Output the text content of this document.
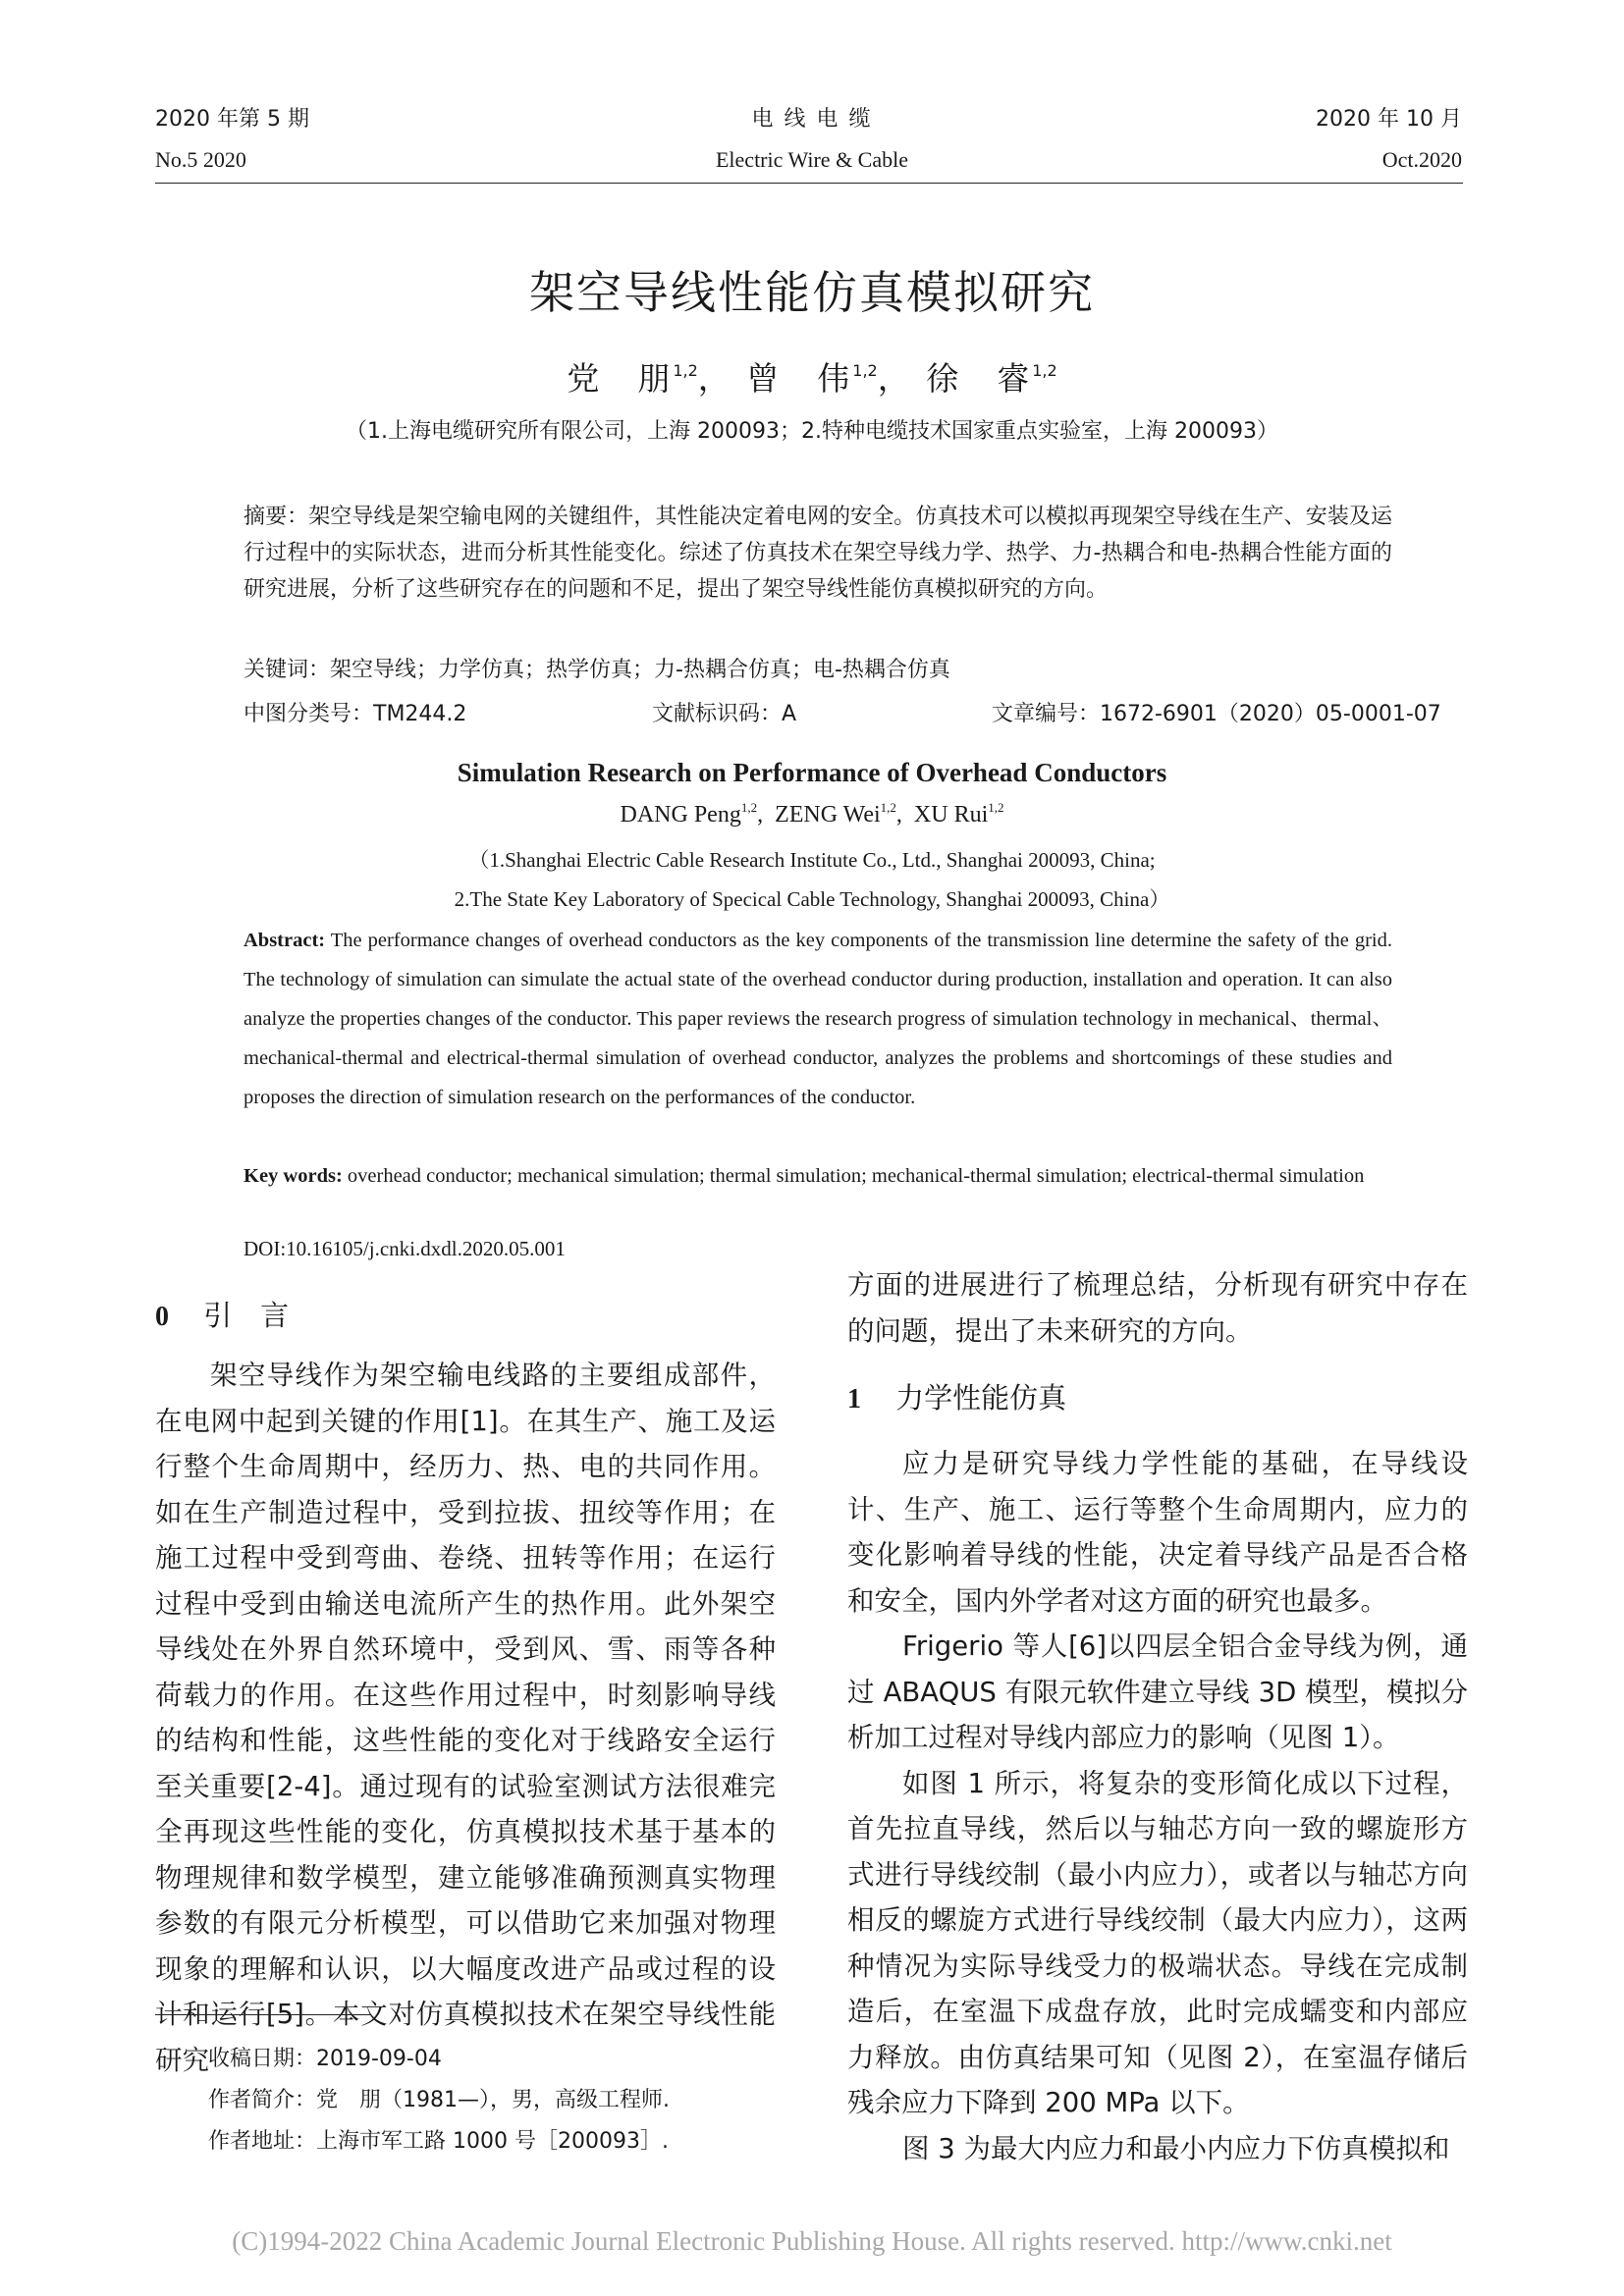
2020 年第 5 期
No.5 2020
电 线 电 缆
Electric Wire & Cable
2020 年 10 月
Oct.2020
架空导线性能仿真模拟研究
党　朋$^{1,2}$， 曾　伟$^{1,2}$， 徐　睿$^{1,2}$
（1.上海电缆研究所有限公司，上海 200093；2.特种电缆技术国家重点实验室，上海 200093）
摘要：架空导线是架空输电网的关键组件，其性能决定着电网的安全。仿真技术可以模拟再现架空导线在生产、安装及运行过程中的实际状态，进而分析其性能变化。综述了仿真技术在架空导线力学、热学、力-热耦合和电-热耦合性能方面的研究进展，分析了这些研究存在的问题和不足，提出了架空导线性能仿真模拟研究的方向。
关键词：架空导线；力学仿真；热学仿真；力-热耦合仿真；电-热耦合仿真
中图分类号：TM244.2	文献标识码：A	文章编号：1672-6901（2020）05-0001-07
Simulation Research on Performance of Overhead Conductors
DANG Peng$^{1,2}$,  ZENG Wei$^{1,2}$,  XU Rui$^{1,2}$
（1.Shanghai Electric Cable Research Institute Co., Ltd., Shanghai 200093, China;
2.The State Key Laboratory of Specical Cable Technology, Shanghai 200093, China）
Abstract: The performance changes of overhead conductors as the key components of the transmission line determine the safety of the grid. The technology of simulation can simulate the actual state of the overhead conductor during production, installation and operation. It can also analyze the properties changes of the conductor. This paper reviews the research progress of simulation technology in mechanical、thermal、mechanical-thermal and electrical-thermal simulation of overhead conductor, analyzes the problems and shortcomings of these studies and proposes the direction of simulation research on the performances of the conductor.
Key words: overhead conductor; mechanical simulation; thermal simulation; mechanical-thermal simulation; electrical-thermal simulation
DOI:10.16105/j.cnki.dxdl.2020.05.001
0 引　言

架空导线作为架空输电线路的主要组成部件，在电网中起到关键的作用[1]。在其生产、施工及运行整个生命周期中，经历力、热、电的共同作用。如在生产制造过程中，受到拉拔、扭绞等作用；在施工过程中受到弯曲、卷绕、扭转等作用；在运行过程中受到由输送电流所产生的热作用。此外架空导线处在外界自然环境中，受到风、雪、雨等各种荷载力的作用。在这些作用过程中，时刻影响导线的结构和性能，这些性能的变化对于线路安全运行至关重要[2-4]。通过现有的试验室测试方法很难完全再现这些性能的变化，仿真模拟技术基于基本的物理规律和数学模型，建立能够准确预测真实物理参数的有限元分析模型，可以借助它来加强对物理现象的理解和认识，以大幅度改进产品或过程的设计和运行[5]。本文对仿真模拟技术在架空导线性能研究 收稿日期：2019-09-04
作者简介：党　朋（1981—），男，高级工程师.
作者地址：上海市军工路 1000 号［200093］.

方面的进展进行了梳理总结，分析现有研究中存在的问题，提出了未来研究的方向。

1 力学性能仿真

应力是研究导线力学性能的基础，在导线设计、生产、施工、运行等整个生命周期内，应力的变化影响着导线的性能，决定着导线产品是否合格和安全，国内外学者对这方面的研究也最多。

Frigerio 等人[6]以四层全铝合金导线为例，通过 ABAQUS 有限元软件建立导线 3D 模型，模拟分析加工过程对导线内部应力的影响（见图 1）。

如图 1 所示，将复杂的变形简化成以下过程，首先拉直导线，然后以与轴芯方向一致的螺旋形方式进行导线绞制（最小内应力），或者以与轴芯方向相反的螺旋方式进行导线绞制（最大内应力），这两种情况为实际导线受力的极端状态。导线在完成制造后，在室温下成盘存放，此时完成蠕变和内部应力释放。由仿真结果可知（见图 2），在室温存储后残余应力下降到 200 MPa 以下。

图 3 为最大内应力和最小内应力下仿真模拟和

(C)1994-2022 China Academic Journal Electronic Publishing House. All rights reserved. http://www.cnki.net
